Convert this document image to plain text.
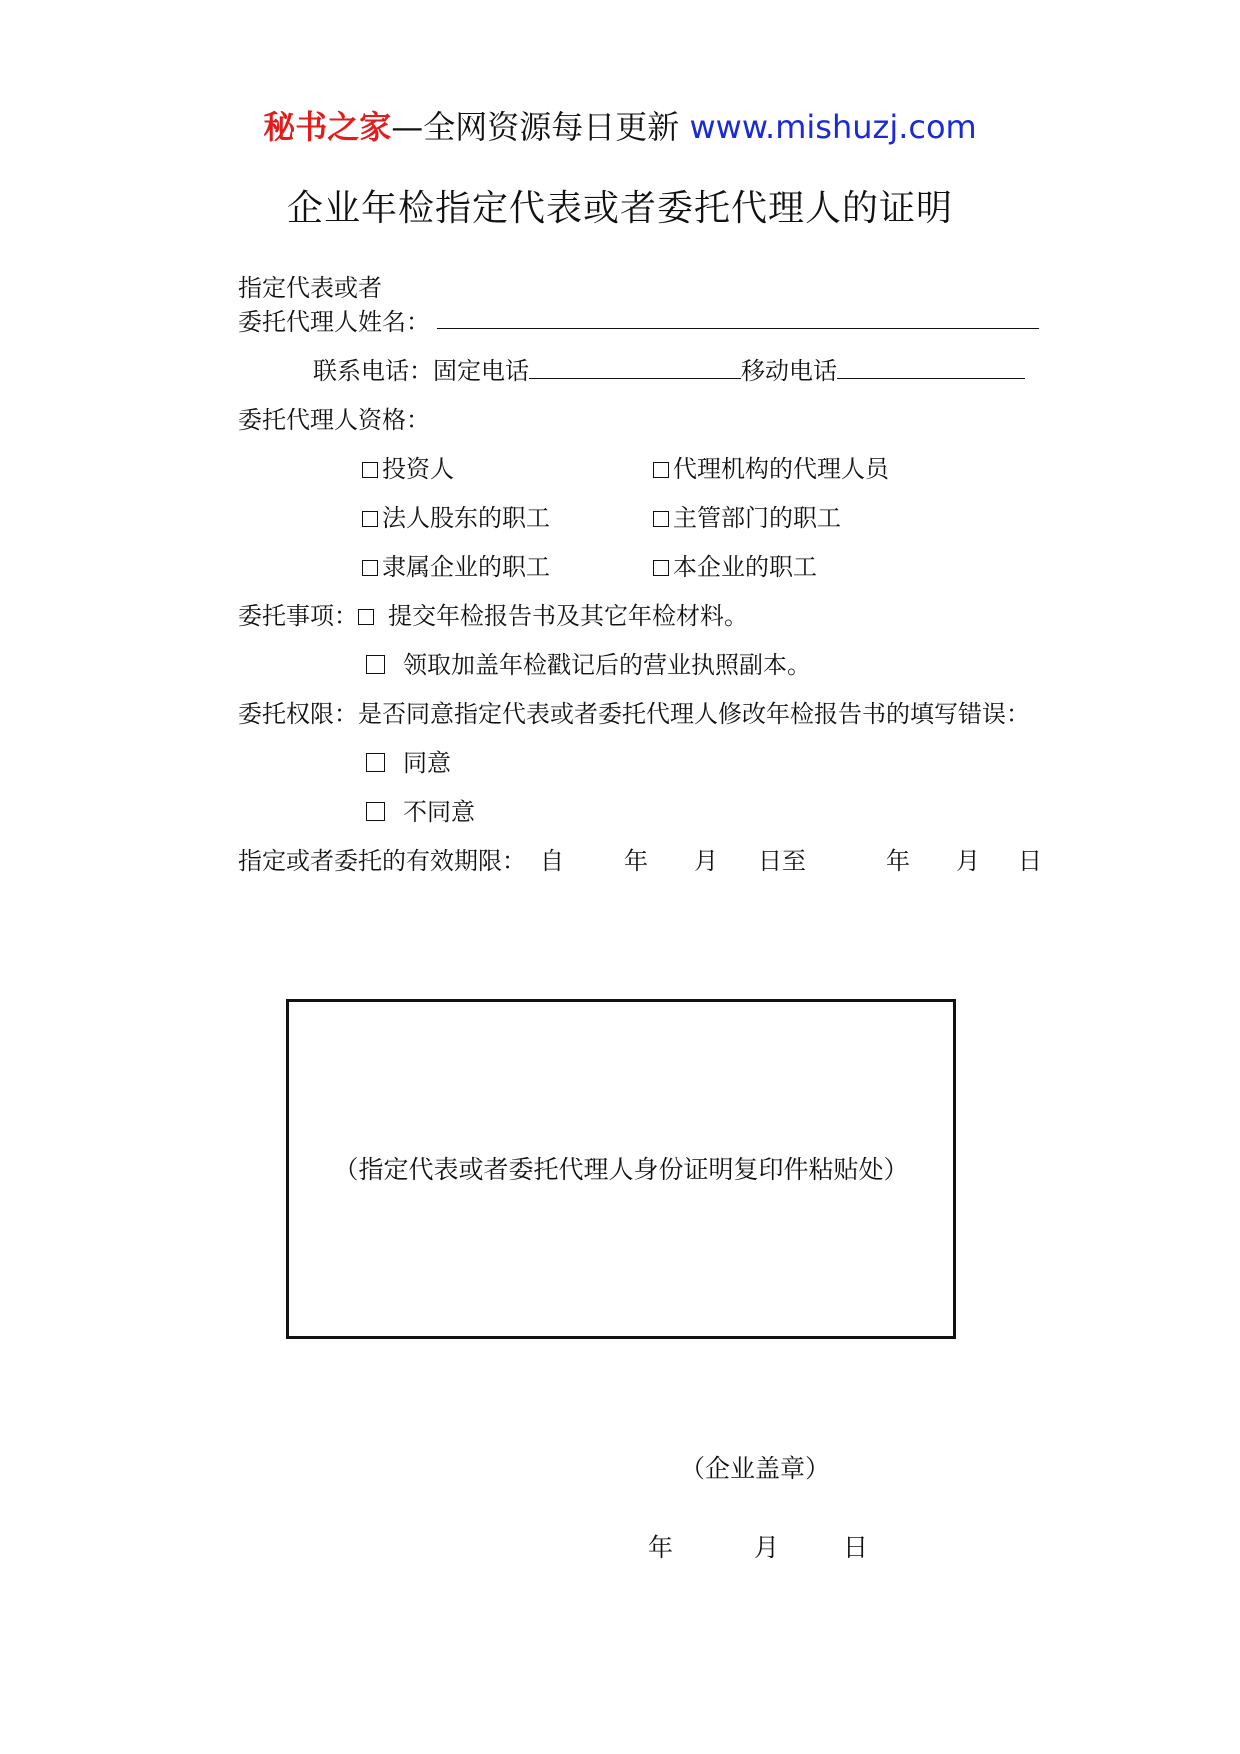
秘书之家—全网资源每日更新 www.mishuzj.com
企业年检指定代表或者委托代理人的证明
指定代表或者
委托代理人姓名：
联系电话：固定电话	移动电话
委托代理人资格：
投资人	代理机构的代理人员
法人股东的职工	主管部门的职工
隶属企业的职工	本企业的职工
委托事项： 提交年检报告书及其它年检材料。
领取加盖年检戳记后的营业执照副本。
委托权限：是否同意指定代表或者委托代理人修改年检报告书的填写错误：
同意
不同意
指定或者委托的有效期限： 自	年 月 日至	年 月 日
（指定代表或者委托代理人身份证明复印件粘贴处）
（企业盖章）
年	月	日
